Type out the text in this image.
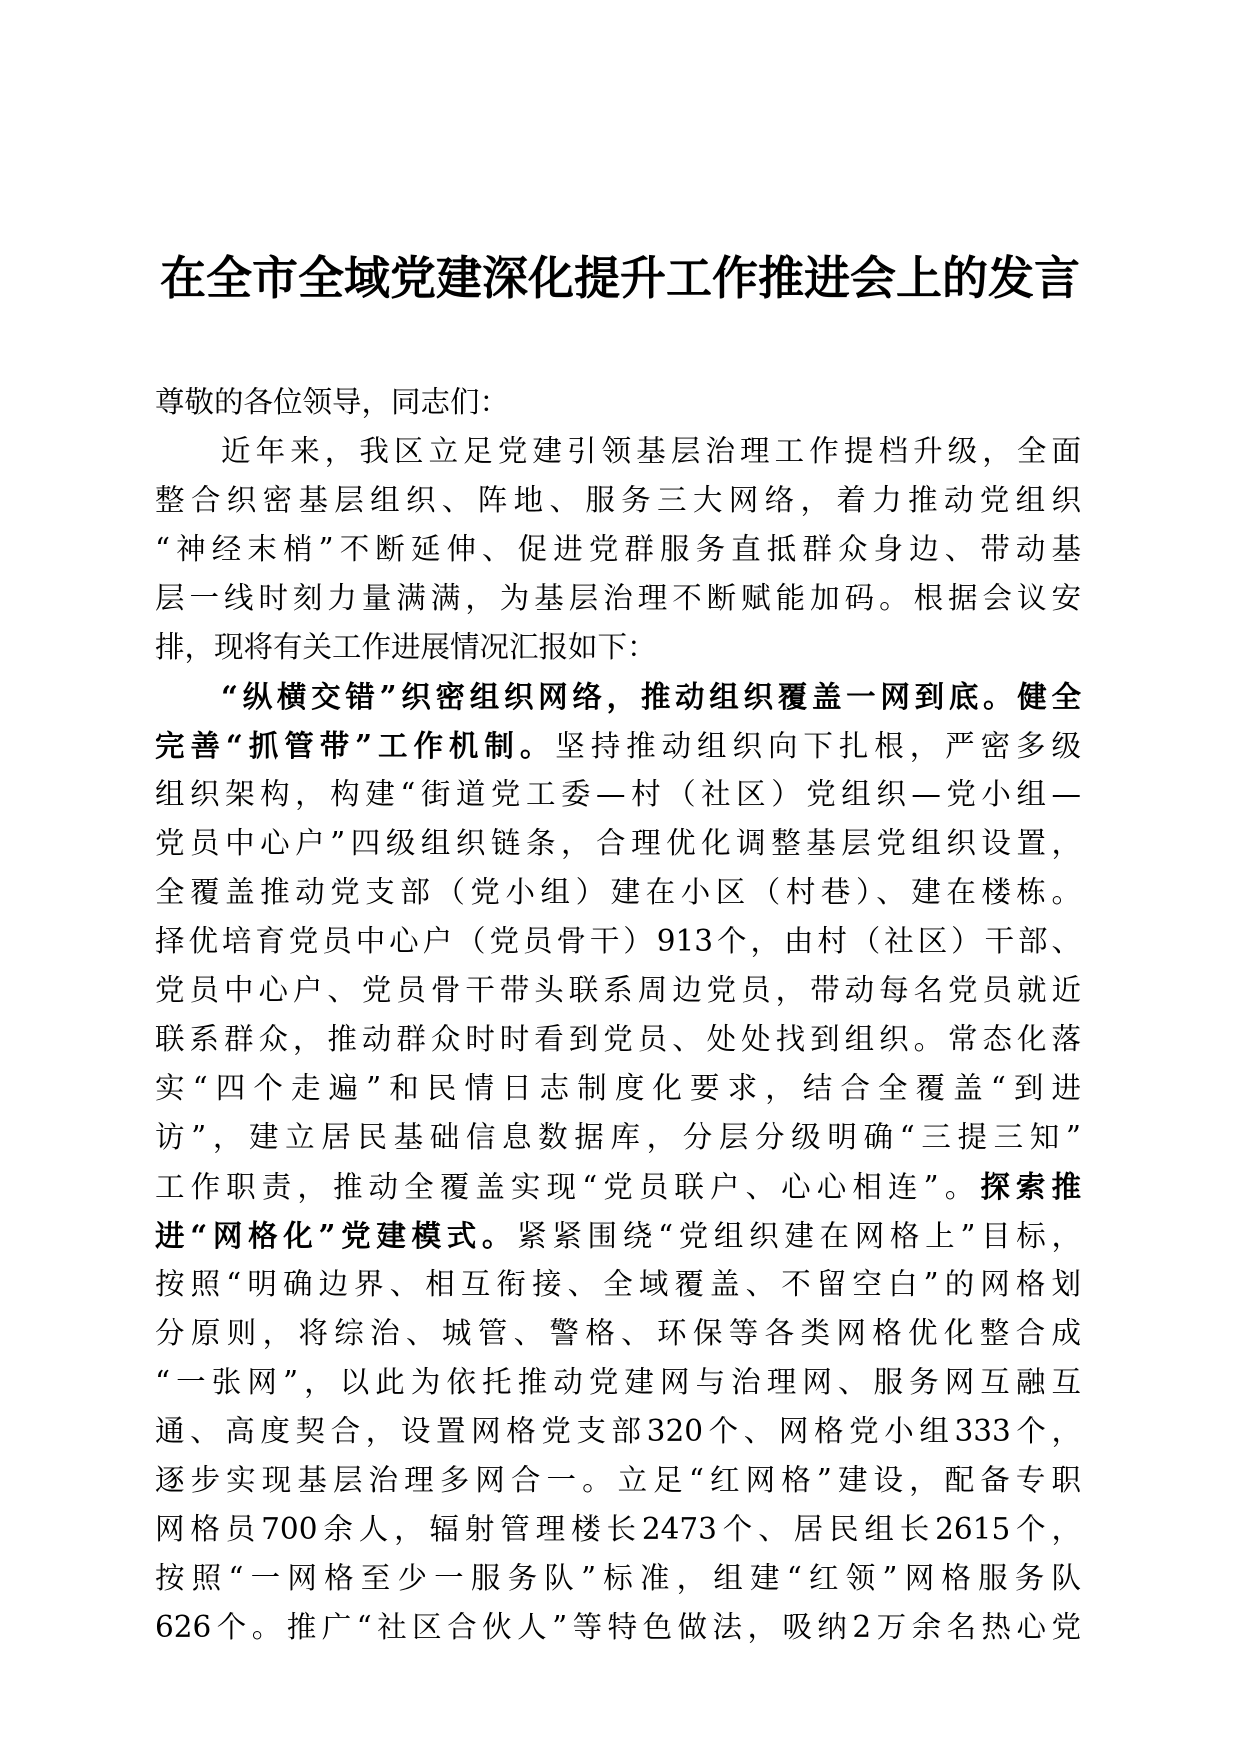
在全市全域党建深化提升工作推进会上的发言
尊敬的各位领导，同志们：
近年来，我区立足党建引领基层治理工作提档升级，全面
整合织密基层组织、阵地、服务三大网络，着力推动党组织
“神经末梢”不断延伸、促进党群服务直抵群众身边、带动基
层一线时刻力量满满，为基层治理不断赋能加码。根据会议安
排，现将有关工作进展情况汇报如下：
“纵横交错”织密组织网络，推动组织覆盖一网到底。健全
完善“抓管带”工作机制。坚持推动组织向下扎根，严密多级
组织架构，构建“街道党工委—村（社区）党组织—党小组—
党员中心户”四级组织链条，合理优化调整基层党组织设置，
全覆盖推动党支部（党小组）建在小区（村巷）、建在楼栋。
择优培育党员中心户（党员骨干）913个，由村（社区）干部、
党员中心户、党员骨干带头联系周边党员，带动每名党员就近
联系群众，推动群众时时看到党员、处处找到组织。常态化落
实“四个走遍”和民情日志制度化要求，结合全覆盖“到进
访”，建立居民基础信息数据库，分层分级明确“三提三知”
工作职责，推动全覆盖实现“党员联户、心心相连”。探索推
进“网格化”党建模式。紧紧围绕“党组织建在网格上”目标，
按照“明确边界、相互衔接、全域覆盖、不留空白”的网格划
分原则，将综治、城管、警格、环保等各类网格优化整合成
“一张网”，以此为依托推动党建网与治理网、服务网互融互
通、高度契合，设置网格党支部320个、网格党小组333个，
逐步实现基层治理多网合一。立足“红网格”建设，配备专职
网格员700余人，辐射管理楼长2473个、居民组长2615个，
按照“一网格至少一服务队”标准，组建“红领”网格服务队
626个。推广“社区合伙人”等特色做法，吸纳2万余名热心党
